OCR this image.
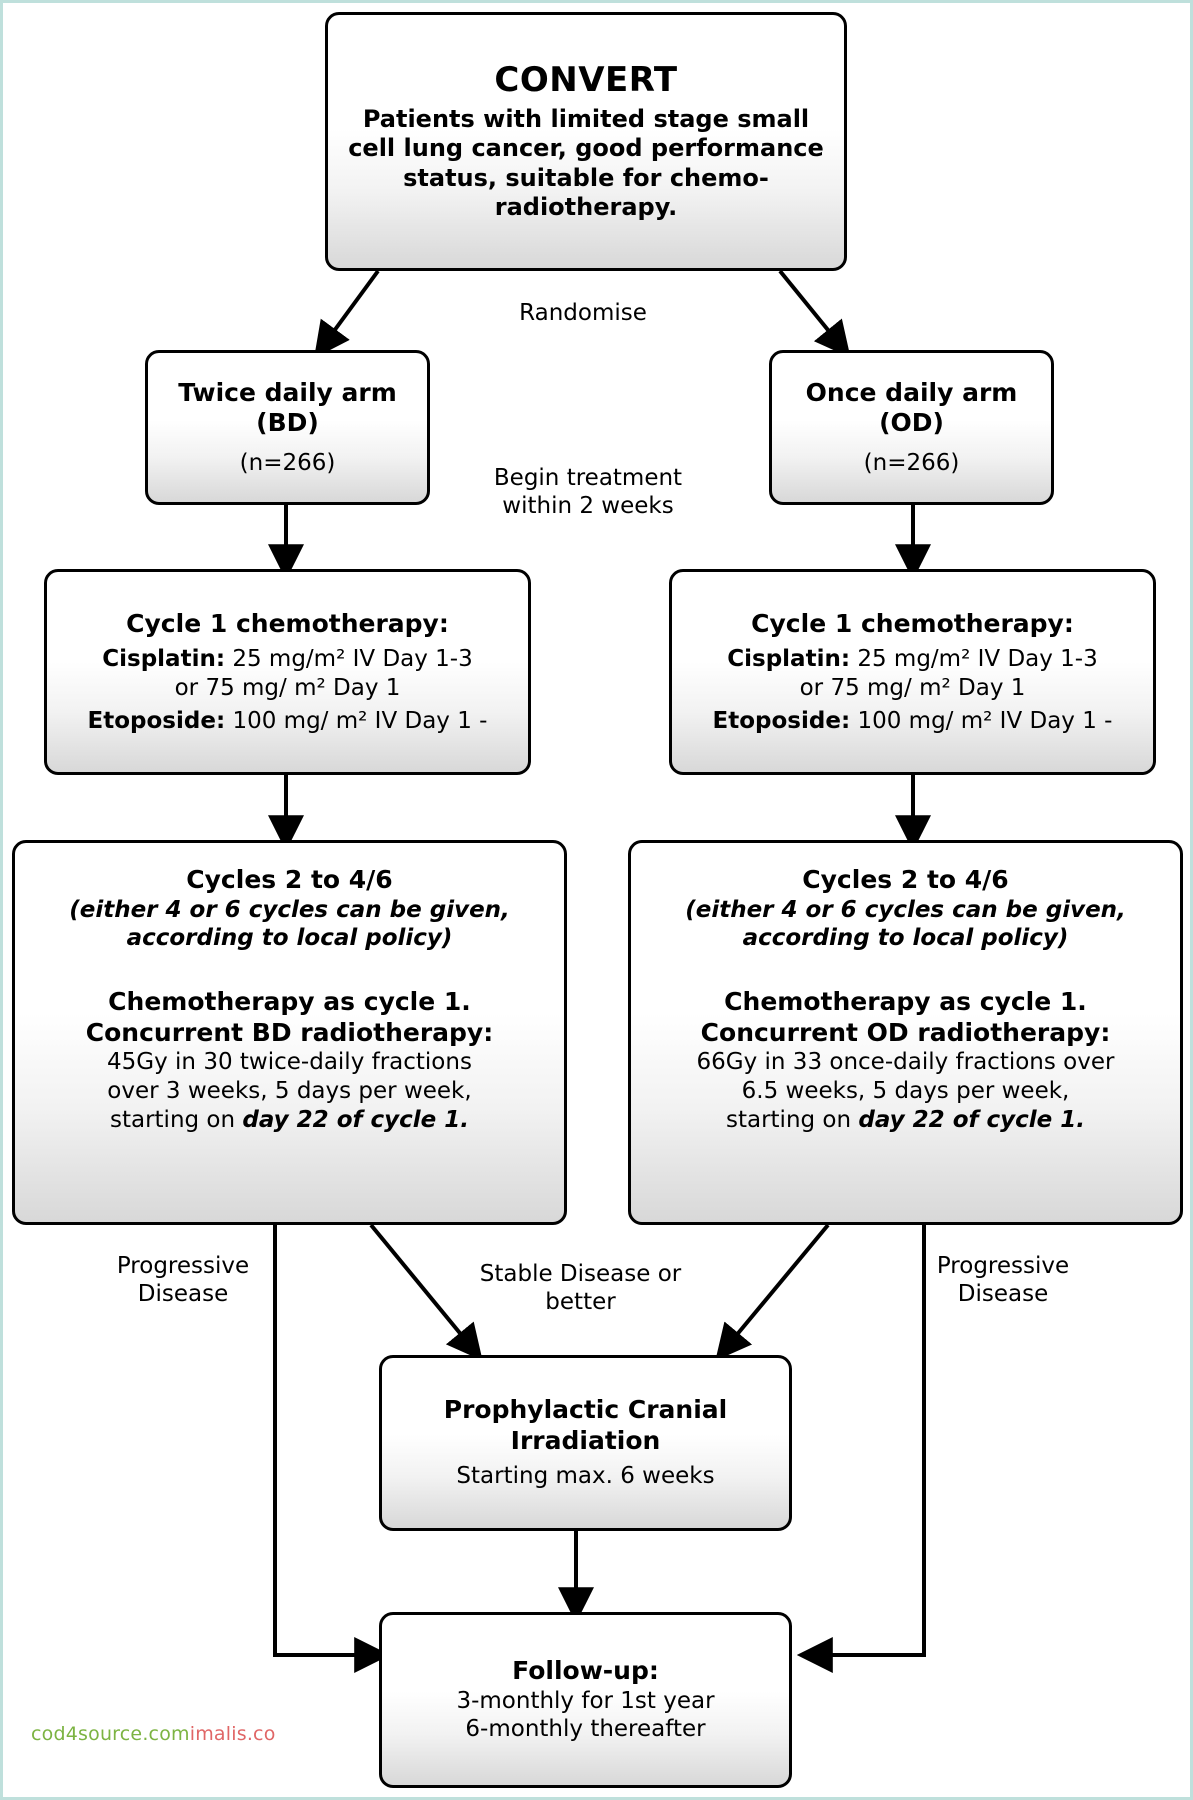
CONVERT
Patients with limited stage small cell lung cancer, good performance status, suitable for chemo-radiotherapy.
Randomise
Twice daily arm
(BD)
(n=266)
Once daily arm
(OD)
(n=266)
Begin treatment
within 2 weeks
Cycle 1 chemotherapy:
Cisplatin: 25 mg/m² IV Day 1-3
or 75 mg/ m² Day 1
Etoposide: 100 mg/ m² IV Day 1 -
Cycle 1 chemotherapy:
Cisplatin: 25 mg/m² IV Day 1-3
or 75 mg/ m² Day 1
Etoposide: 100 mg/ m² IV Day 1 -
Cycles 2 to 4/6
(either 4 or 6 cycles can be given,
according to local policy)
Chemotherapy as cycle 1.
Concurrent BD radiotherapy:
45Gy in 30 twice-daily fractions
over 3 weeks, 5 days per week,
starting on day 22 of cycle 1.
Cycles 2 to 4/6
(either 4 or 6 cycles can be given,
according to local policy)
Chemotherapy as cycle 1.
Concurrent OD radiotherapy:
66Gy in 33 once-daily fractions over
6.5 weeks, 5 days per week,
starting on day 22 of cycle 1.
Progressive
Disease
Stable Disease or
better
Progressive
Disease
Prophylactic Cranial
Irradiation
Starting max. 6 weeks
Follow-up:
3-monthly for 1st year
6-monthly thereafter
cod4source.comimalis.co
